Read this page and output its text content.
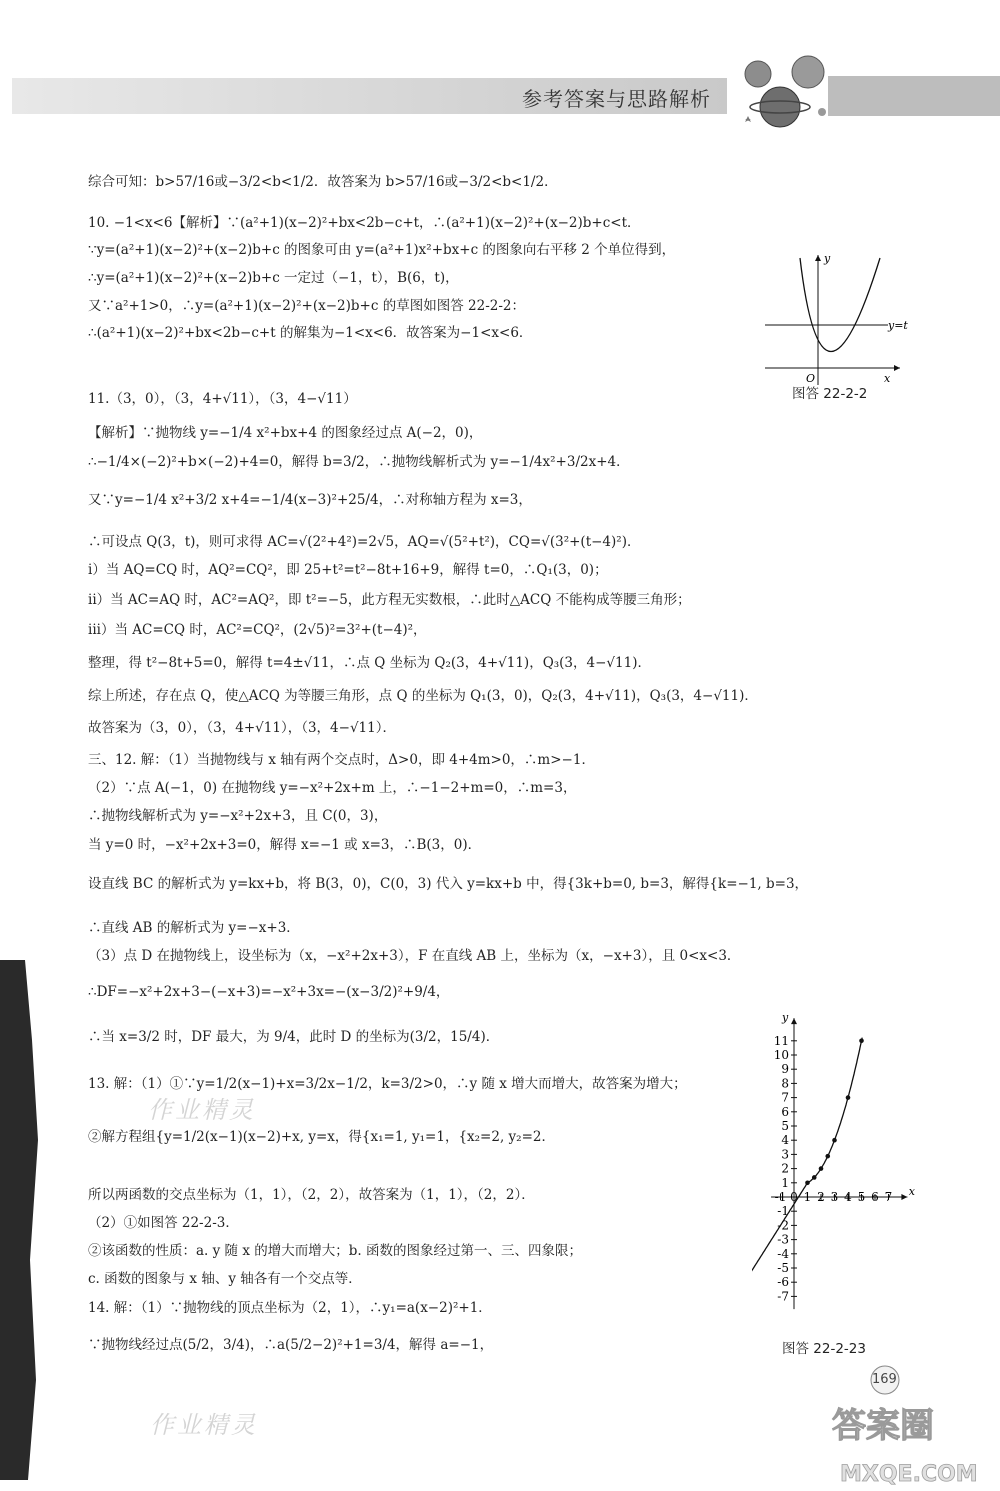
参考答案与思路解析
综合可知：b>57/16或−3/2<b<1/2．故答案为 b>57/16或−3/2<b<1/2．
10. −1<x<6【解析】∵(a²+1)(x−2)²+bx<2b−c+t，∴(a²+1)(x−2)²+(x−2)b+c<t．
∵y=(a²+1)(x−2)²+(x−2)b+c 的图象可由 y=(a²+1)x²+bx+c 的图象向右平移 2 个单位得到，
∴y=(a²+1)(x−2)²+(x−2)b+c 一定过（−1，t），B(6，t)，
又∵a²+1>0，∴y=(a²+1)(x−2)²+(x−2)b+c 的草图如图答 22-2-2：
∴(a²+1)(x−2)²+bx<2b−c+t 的解集为−1<x<6．故答案为−1<x<6．
11.（3，0），（3，4+√11），（3，4−√11）
【解析】∵抛物线 y=−1/4 x²+bx+4 的图象经过点 A(−2，0)，
∴−1/4×(−2)²+b×(−2)+4=0，解得 b=3/2，∴抛物线解析式为 y=−1/4x²+3/2x+4．
又∵y=−1/4 x²+3/2 x+4=−1/4(x−3)²+25/4，∴对称轴方程为 x=3，
∴可设点 Q(3，t)，则可求得 AC=√(2²+4²)=2√5，AQ=√(5²+t²)，CQ=√(3²+(t−4)²)．
i）当 AQ=CQ 时，AQ²=CQ²，即 25+t²=t²−8t+16+9，解得 t=0，∴Q₁(3，0)；
ii）当 AC=AQ 时，AC²=AQ²，即 t²=−5，此方程无实数根，∴此时△ACQ 不能构成等腰三角形；
iii）当 AC=CQ 时，AC²=CQ²，(2√5)²=3²+(t−4)²，
整理，得 t²−8t+5=0，解得 t=4±√11，∴点 Q 坐标为 Q₂(3，4+√11)，Q₃(3，4−√11)．
综上所述，存在点 Q，使△ACQ 为等腰三角形，点 Q 的坐标为 Q₁(3，0)，Q₂(3，4+√11)，Q₃(3，4−√11)．
故答案为（3，0），（3，4+√11），（3，4−√11）．
三、12. 解：（1）当抛物线与 x 轴有两个交点时，Δ>0，即 4+4m>0，∴m>−1．
（2）∵点 A(−1，0) 在抛物线 y=−x²+2x+m 上，∴−1−2+m=0，∴m=3，
∴抛物线解析式为 y=−x²+2x+3，且 C(0，3)，
当 y=0 时，−x²+2x+3=0，解得 x=−1 或 x=3，∴B(3，0)．
设直线 BC 的解析式为 y=kx+b，将 B(3，0)，C(0，3) 代入 y=kx+b 中，得{3k+b=0, b=3，解得{k=−1, b=3，
∴直线 AB 的解析式为 y=−x+3．
（3）点 D 在抛物线上，设坐标为（x，−x²+2x+3），F 在直线 AB 上，坐标为（x，−x+3），且 0<x<3．
∴DF=−x²+2x+3−(−x+3)=−x²+3x=−(x−3/2)²+9/4，
∴当 x=3/2 时，DF 最大，为 9/4，此时 D 的坐标为(3/2，15/4)．
13. 解：（1）①∵y=1/2(x−1)+x=3/2x−1/2，k=3/2>0，∴y 随 x 增大而增大，故答案为增大；
②解方程组{y=1/2(x−1)(x−2)+x, y=x，得{x₁=1, y₁=1，{x₂=2, y₂=2．
所以两函数的交点坐标为（1，1），（2，2），故答案为（1，1），（2，2）．
（2）①如图答 22-2-3．
②该函数的性质：a. y 随 x 的增大而增大；b. 函数的图象经过第一、三、四象限；
c. 函数的图象与 x 轴、y 轴各有一个交点等．
14. 解：（1）∵抛物线的顶点坐标为（2，1），∴y₁=a(x−2)²+1．
∵抛物线经过点(5/2，3/4)，∴a(5/2−2)²+1=3/4，解得 a=−1，
y
x
O
y=t
图答 22-2-2
y
x
11
10
9
8
7
6
5
4
3
2
1
-1
-2
-3
-4
-5
-6
-7
-1 0 1 2 3 4 5 6 7
图答 22-2-23
作业精灵
作业精灵
169
答案圈
MXQE.COM
